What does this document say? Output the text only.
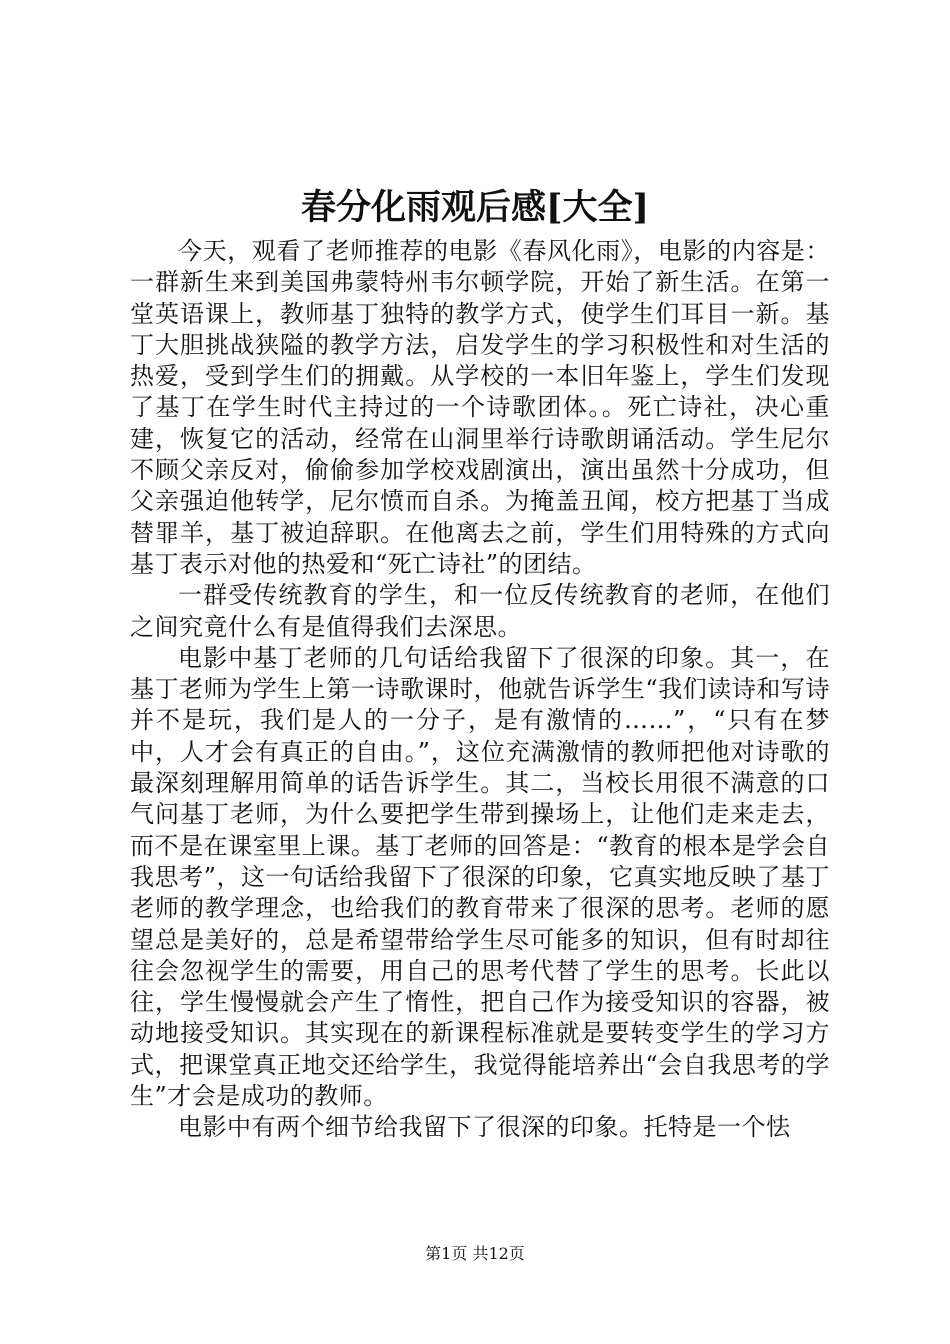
春分化雨观后感[大全]

今天，观看了老师推荐的电影《春风化雨》，电影的内容是：一群新生来到美国弗蒙特州韦尔顿学院，开始了新生活。在第一堂英语课上，教师基丁独特的教学方式，使学生们耳目一新。基丁大胆挑战狭隘的教学方法，启发学生的学习积极性和对生活的热爱，受到学生们的拥戴。从学校的一本旧年鉴上，学生们发现了基丁在学生时代主持过的一个诗歌团体。。死亡诗社，决心重建，恢复它的活动，经常在山洞里举行诗歌朗诵活动。学生尼尔不顾父亲反对，偷偷参加学校戏剧演出，演出虽然十分成功，但父亲强迫他转学，尼尔愤而自杀。为掩盖丑闻，校方把基丁当成替罪羊，基丁被迫辞职。在他离去之前，学生们用特殊的方式向基丁表示对他的热爱和“死亡诗社”的团结。

一群受传统教育的学生，和一位反传统教育的老师，在他们之间究竟什么有是值得我们去深思。

电影中基丁老师的几句话给我留下了很深的印象。其一，在基丁老师为学生上第一诗歌课时，他就告诉学生“我们读诗和写诗并不是玩，我们是人的一分子，是有激情的……”，“只有在梦中，人才会有真正的自由。”，这位充满激情的教师把他对诗歌的最深刻理解用简单的话告诉学生。其二，当校长用很不满意的口气问基丁老师，为什么要把学生带到操场上，让他们走来走去，而不是在课室里上课。基丁老师的回答是：“教育的根本是学会自我思考”，这一句话给我留下了很深的印象，它真实地反映了基丁老师的教学理念，也给我们的教育带来了很深的思考。老师的愿望总是美好的，总是希望带给学生尽可能多的知识，但有时却往往会忽视学生的需要，用自己的思考代替了学生的思考。长此以往，学生慢慢就会产生了惰性，把自己作为接受知识的容器，被动地接受知识。其实现在的新课程标准就是要转变学生的学习方式，把课堂真正地交还给学生，我觉得能培养出“会自我思考的学生”才会是成功的教师。

电影中有两个细节给我留下了很深的印象。托特是一个怯

第1页 共12页
